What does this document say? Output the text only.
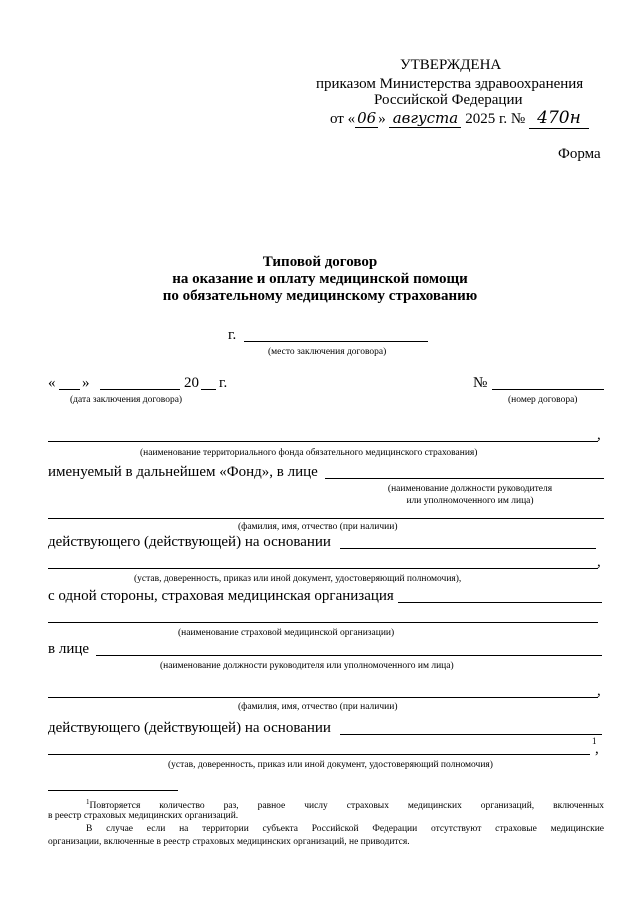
УТВЕРЖДЕНА
приказом Министерства здравоохранения
Российской Федерации
от « 06 » августа 2025 г. № 470н
Форма
Типовой договор
на оказание и оплату медицинской помощи
по обязательному медицинскому страхованию
г.
(место заключения договора)
« »	20 г.
(дата заключения договора)
№
(номер договора)
,
(наименование территориального фонда обязательного медицинского страхования)
именуемый в дальнейшем «Фонд», в лице
(наименование должности руководителя
или уполномоченного им лица)
(фамилия, имя, отчество (при наличии)
действующего (действующей) на основании
,
(устав, доверенность, приказ или иной документ, удостоверяющий полномочия),
с одной стороны, страховая медицинская организация
(наименование страховой медицинской организации)
в лице
(наименование должности руководителя или уполномоченного им лица)
,
(фамилия, имя, отчество (при наличии)
действующего (действующей) на основании
1
,
(устав, доверенность, приказ или иной документ, удостоверяющий полномочия)
$^1$Повторяется количество раз, равное числу страховых медицинских организаций, включенных
в реестр страховых медицинских организаций.
В случае если на территории субъекта Российской Федерации отсутствуют страховые медицинские
организации, включенные в реестр страховых медицинских организаций, не приводится.
